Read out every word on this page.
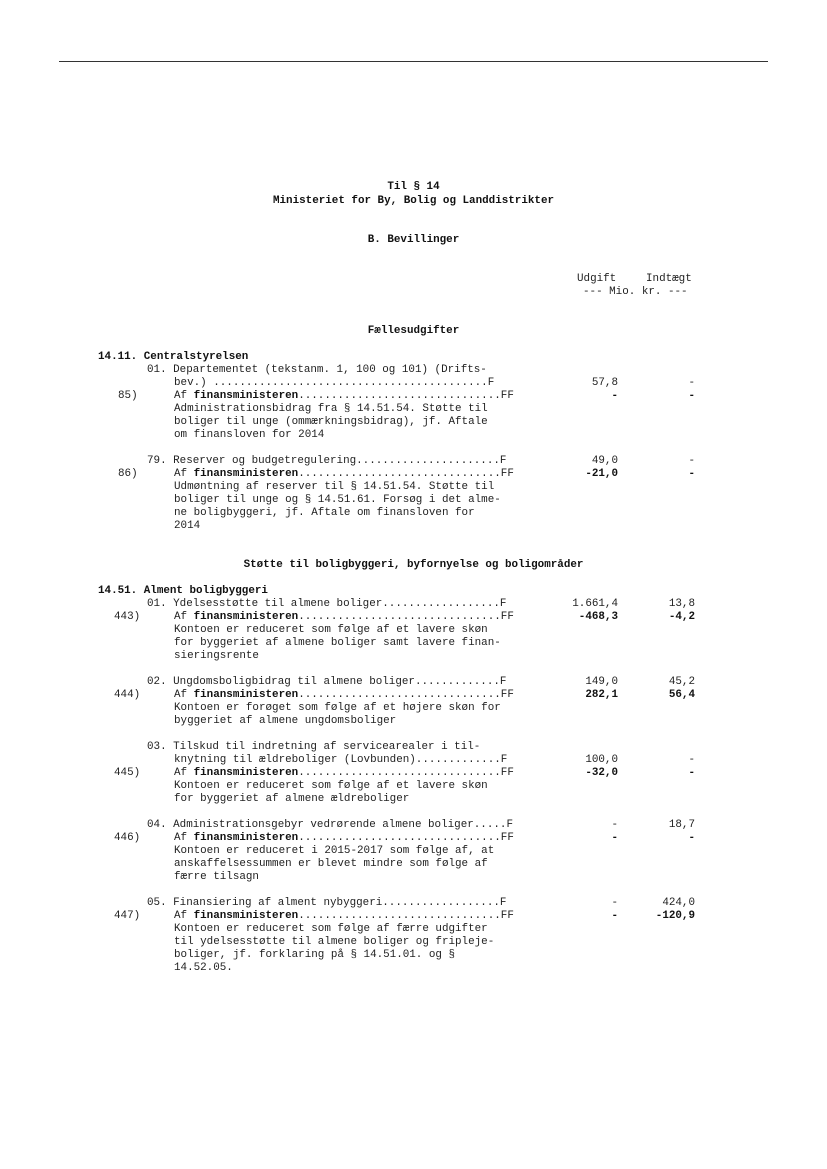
Til § 14
Ministeriet for By, Bolig og Landdistrikter
B. Bevillinger
Udgift	Indtægt
--- Mio. kr. ---
Fællesudgifter
14.11. Centralstyrelsen
01. Departementet (tekstanm. 1, 100 og 101) (Drifts-
bev.) ..........................................F	57,8	-
85)	Af finansministeren...............................FF	-	-
Administrationsbidrag fra § 14.51.54. Støtte til
boliger til unge (ommærkningsbidrag), jf. Aftale
om finansloven for 2014
79. Reserver og budgetregulering......................F	49,0	-
86)	Af finansministeren...............................FF	-21,0	-
Udmøntning af reserver til § 14.51.54. Støtte til
boliger til unge og § 14.51.61. Forsøg i det alme-
ne boligbyggeri, jf. Aftale om finansloven for
2014
Støtte til boligbyggeri, byfornyelse og boligområder
14.51. Alment boligbyggeri
01. Ydelsesstøtte til almene boliger..................F	1.661,4	13,8
443)	Af finansministeren...............................FF	-468,3	-4,2
Kontoen er reduceret som følge af et lavere skøn
for byggeriet af almene boliger samt lavere finan-
sieringsrente
02. Ungdomsboligbidrag til almene boliger.............F	149,0	45,2
444)	Af finansministeren...............................FF	282,1	56,4
Kontoen er forøget som følge af et højere skøn for
byggeriet af almene ungdomsboliger
03. Tilskud til indretning af servicearealer i til-
knytning til ældreboliger (Lovbunden).............F	100,0	-
445)	Af finansministeren...............................FF	-32,0	-
Kontoen er reduceret som følge af et lavere skøn
for byggeriet af almene ældreboliger
04. Administrationsgebyr vedrørende almene boliger.....F	-	18,7
446)	Af finansministeren...............................FF	-	-
Kontoen er reduceret i 2015-2017 som følge af, at
anskaffelsessummen er blevet mindre som følge af
færre tilsagn
05. Finansiering af alment nybyggeri..................F	-	424,0
447)	Af finansministeren...............................FF	-	-120,9
Kontoen er reduceret som følge af færre udgifter
til ydelsesstøtte til almene boliger og fripleje-
boliger, jf. forklaring på § 14.51.01. og §
14.52.05.
